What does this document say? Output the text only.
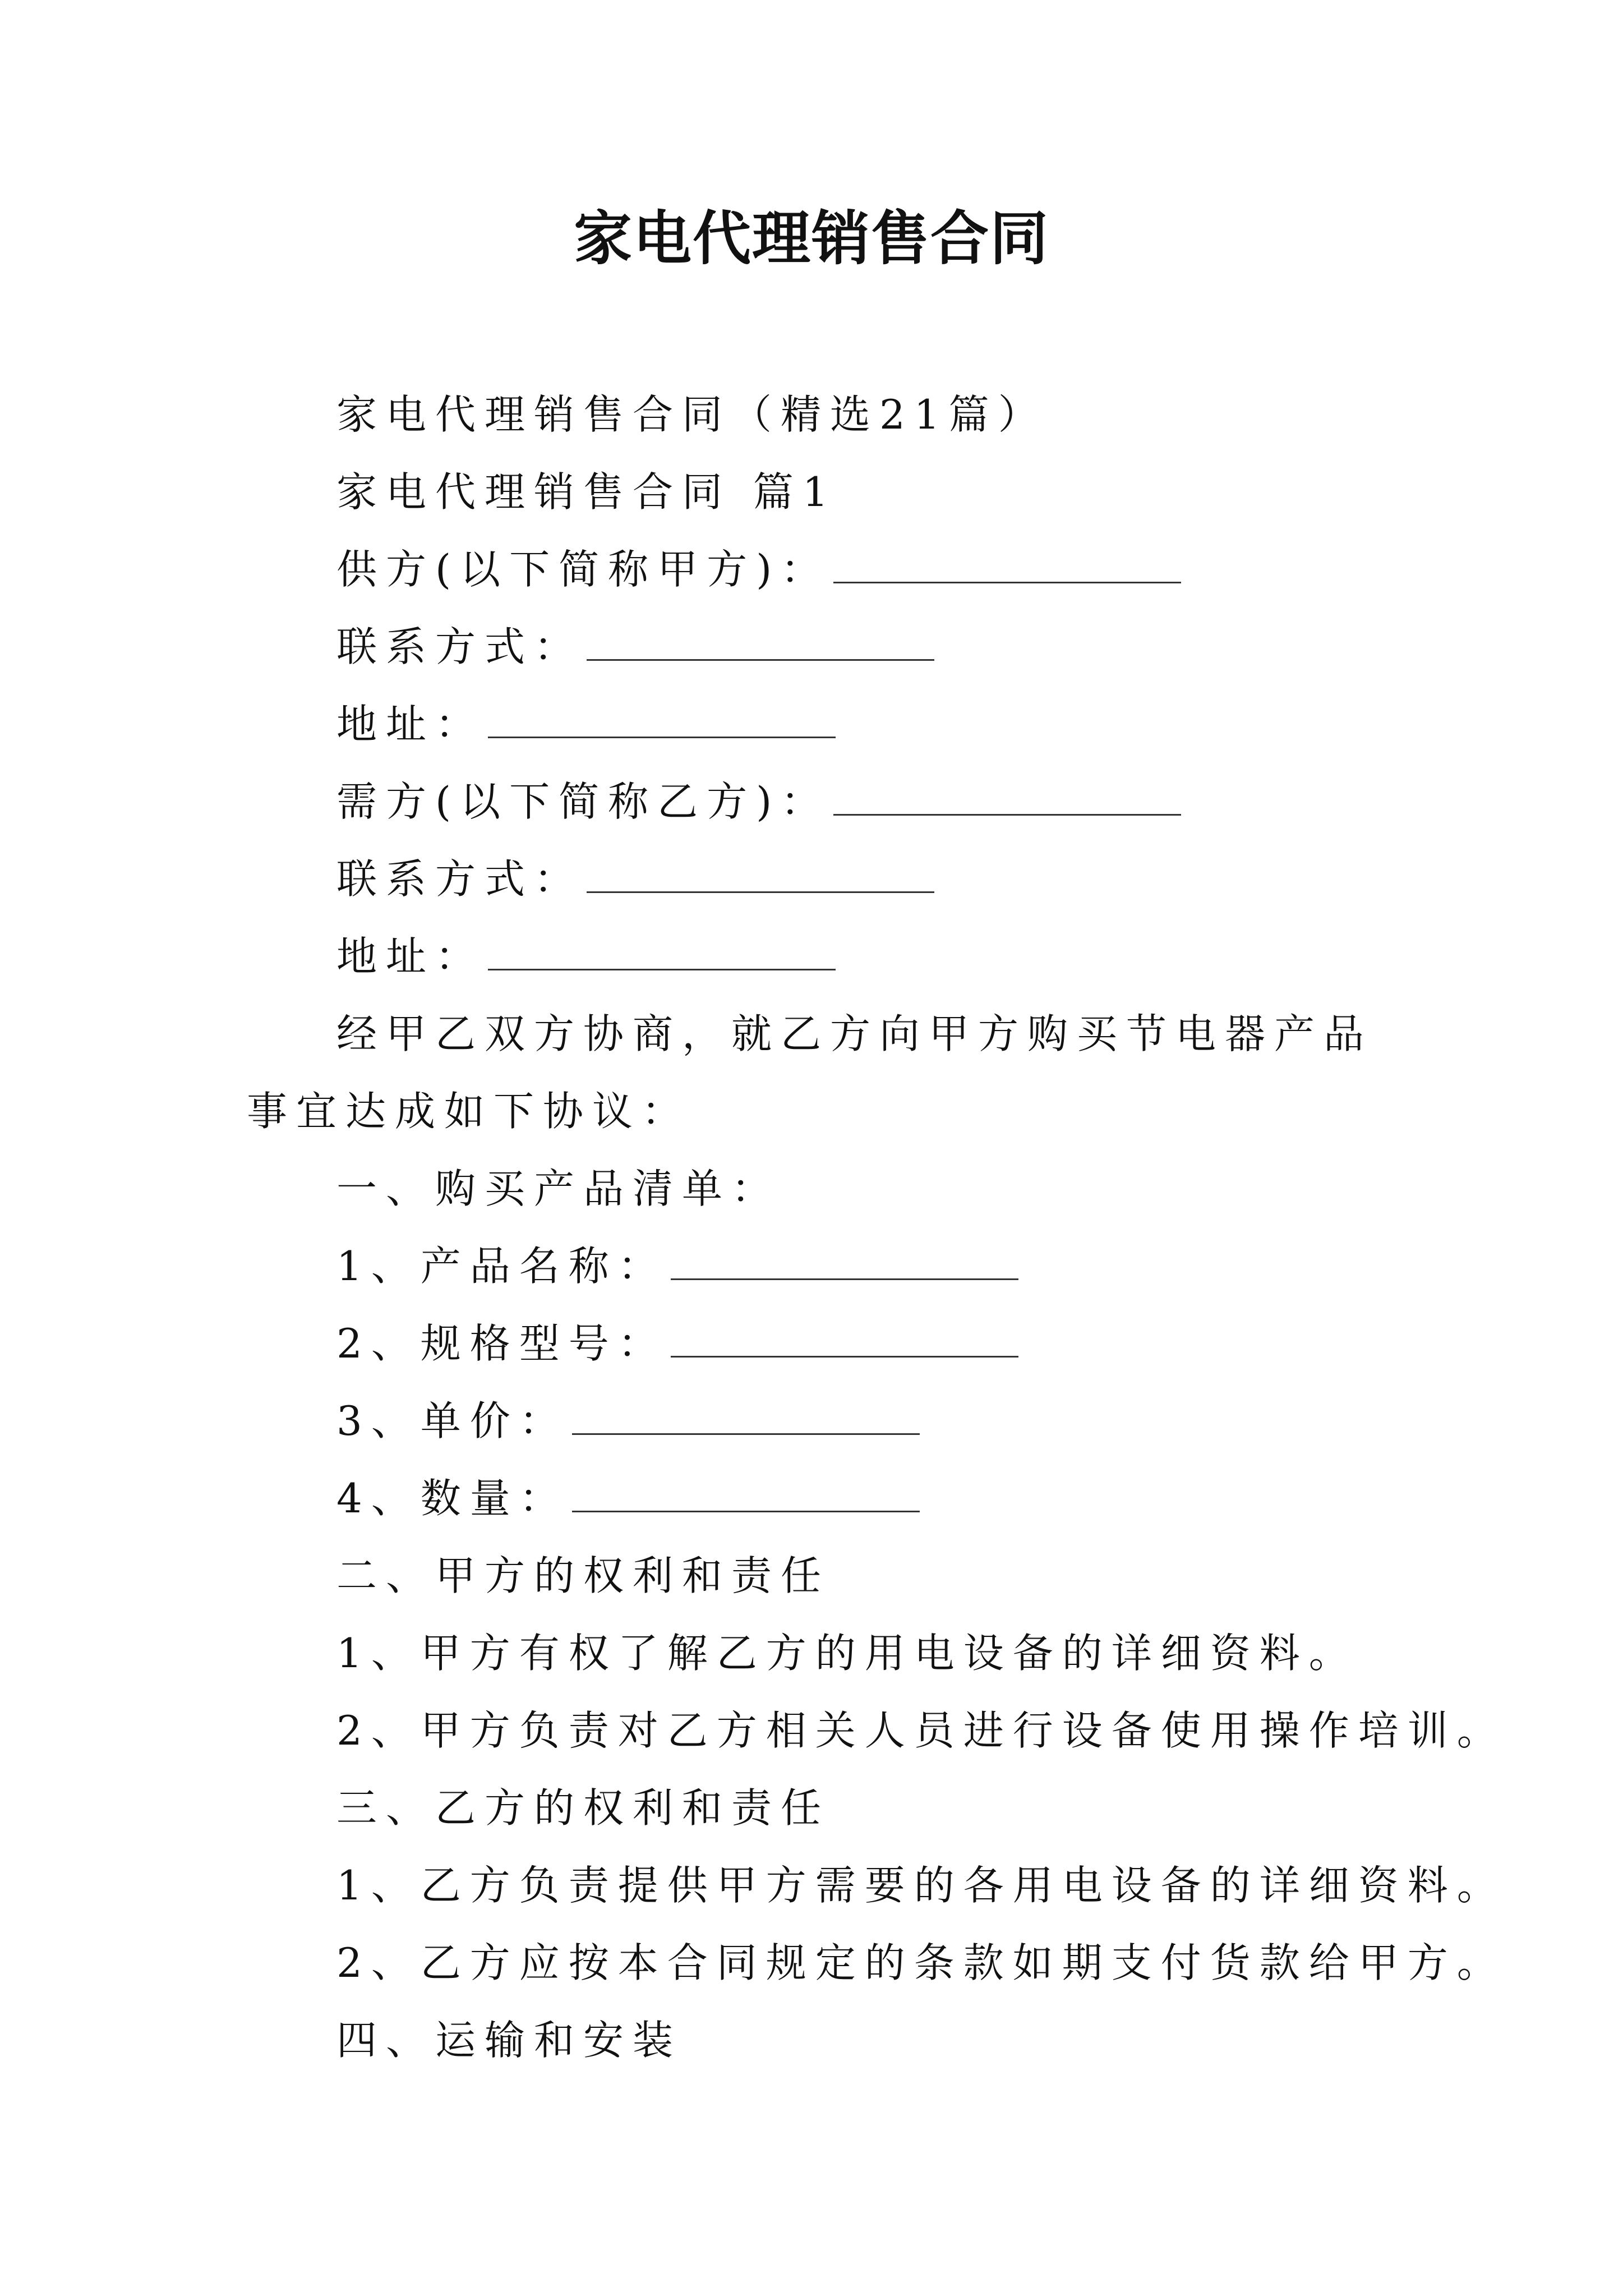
家电代理销售合同

家电代理销售合同（精选21篇）

家电代理销售合同 篇1

供方(以下简称甲方)：

联系方式：

地址：

需方(以下简称乙方)：

联系方式：

地址：

经甲乙双方协商，就乙方向甲方购买节电器产品事宜达成如下协议：

一、购买产品清单：

1、产品名称：

2、规格型号：

3、单价：

4、数量：

二、甲方的权利和责任

1、甲方有权了解乙方的用电设备的详细资料。

2、甲方负责对乙方相关人员进行设备使用操作培训。

三、乙方的权利和责任

1、乙方负责提供甲方需要的各用电设备的详细资料。

2、乙方应按本合同规定的条款如期支付货款给甲方。

四、运输和安装
